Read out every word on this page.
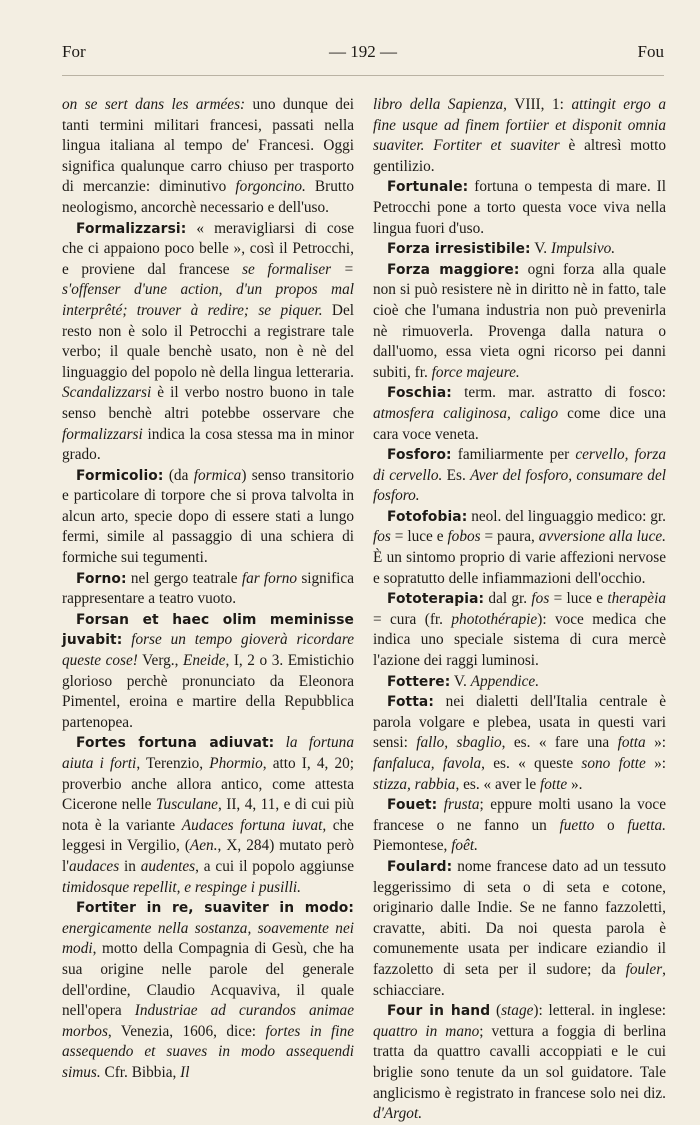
For	— 192 —	Fou

on se sert dans les armées: uno dunque dei tanti termini militari francesi, passati nella lingua italiana al tempo de' Francesi. Oggi significa qualunque carro chiuso per trasporto di mercanzie: diminutivo forgoncino. Brutto neologismo, ancorchè necessario e dell'uso.

Formalizzarsi: « meravigliarsi di cose che ci appaiono poco belle », così il Petrocchi, e proviene dal francese se formaliser = s'offenser d'une action, d'un propos mal interprêté; trouver à redire; se piquer. Del resto non è solo il Petrocchi a registrare tale verbo; il quale benchè usato, non è nè del linguaggio del popolo nè della lingua letteraria. Scandalizzarsi è il verbo nostro buono in tale senso benchè altri potebbe osservare che formalizzarsi indica la cosa stessa ma in minor grado.

Formicolio: (da formica) senso transitorio e particolare di torpore che si prova talvolta in alcun arto, specie dopo di essere stati a lungo fermi, simile al passaggio di una schiera di formiche sui tegumenti.

Forno: nel gergo teatrale far forno significa rappresentare a teatro vuoto.

Forsan et haec olim meminisse juvabit: forse un tempo gioverà ricordare queste cose! Verg., Eneide, I, 2 o 3. Emistichio glorioso perchè pronunciato da Eleonora Pimentel, eroina e martire della Repubblica partenopea.

Fortes fortuna adiuvat: la fortuna aiuta i forti, Terenzio, Phormio, atto I, 4, 20; proverbio anche allora antico, come attesta Cicerone nelle Tusculane, II, 4, 11, e di cui più nota è la variante Audaces fortuna iuvat, che leggesi in Vergilio, (Aen., X, 284) mutato però l'audaces in audentes, a cui il popolo aggiunse timidosque repellit, e respinge i pusilli.

Fortiter in re, suaviter in modo: energicamente nella sostanza, soavemente nei modi, motto della Compagnia di Gesù, che ha sua origine nelle parole del generale dell'ordine, Claudio Acquaviva, il quale nell'opera Industriae ad curandos animae morbos, Venezia, 1606, dice: fortes in fine assequendo et suaves in modo assequendi simus. Cfr. Bibbia, Il

libro della Sapienza, VIII, 1: attingit ergo a fine usque ad finem fortiier et disponit omnia suaviter. Fortiter et suaviter è altresì motto gentilizio.

Fortunale: fortuna o tempesta di mare. Il Petrocchi pone a torto questa voce viva nella lingua fuori d'uso.

Forza irresistibile: V. Impulsivo.

Forza maggiore: ogni forza alla quale non si può resistere nè in diritto nè in fatto, tale cioè che l'umana industria non può prevenirla nè rimuoverla. Provenga dalla natura o dall'uomo, essa vieta ogni ricorso pei danni subiti, fr. force majeure.

Foschia: term. mar. astratto di fosco: atmosfera caliginosa, caligo come dice una cara voce veneta.

Fosforo: familiarmente per cervello, forza di cervello. Es. Aver del fosforo, consumare del fosforo.

Fotofobia: neol. del linguaggio medico: gr. fos = luce e fobos = paura, avversione alla luce. È un sintomo proprio di varie affezioni nervose e sopratutto delle infiammazioni dell'occhio.

Fototerapia: dal gr. fos = luce e therapèia = cura (fr. photothérapie): voce medica che indica uno speciale sistema di cura mercè l'azione dei raggi luminosi.

Fottere: V. Appendice.

Fotta: nei dialetti dell'Italia centrale è parola volgare e plebea, usata in questi vari sensi: fallo, sbaglio, es. « fare una fotta »: fanfaluca, favola, es. « queste sono fotte »: stizza, rabbia, es. « aver le fotte ».

Fouet: frusta; eppure molti usano la voce francese o ne fanno un fuetto o fuetta. Piemontese, foêt.

Foulard: nome francese dato ad un tessuto leggerissimo di seta o di seta e cotone, originario dalle Indie. Se ne fanno fazzoletti, cravatte, abiti. Da noi questa parola è comunemente usata per indicare eziandio il fazzoletto di seta per il sudore; da fouler, schiacciare.

Four in hand (stage): letteral. in inglese: quattro in mano; vettura a foggia di berlina tratta da quattro cavalli accoppiati e le cui briglie sono tenute da un sol guidatore. Tale anglicismo è registrato in francese solo nei diz. d'Argot.
